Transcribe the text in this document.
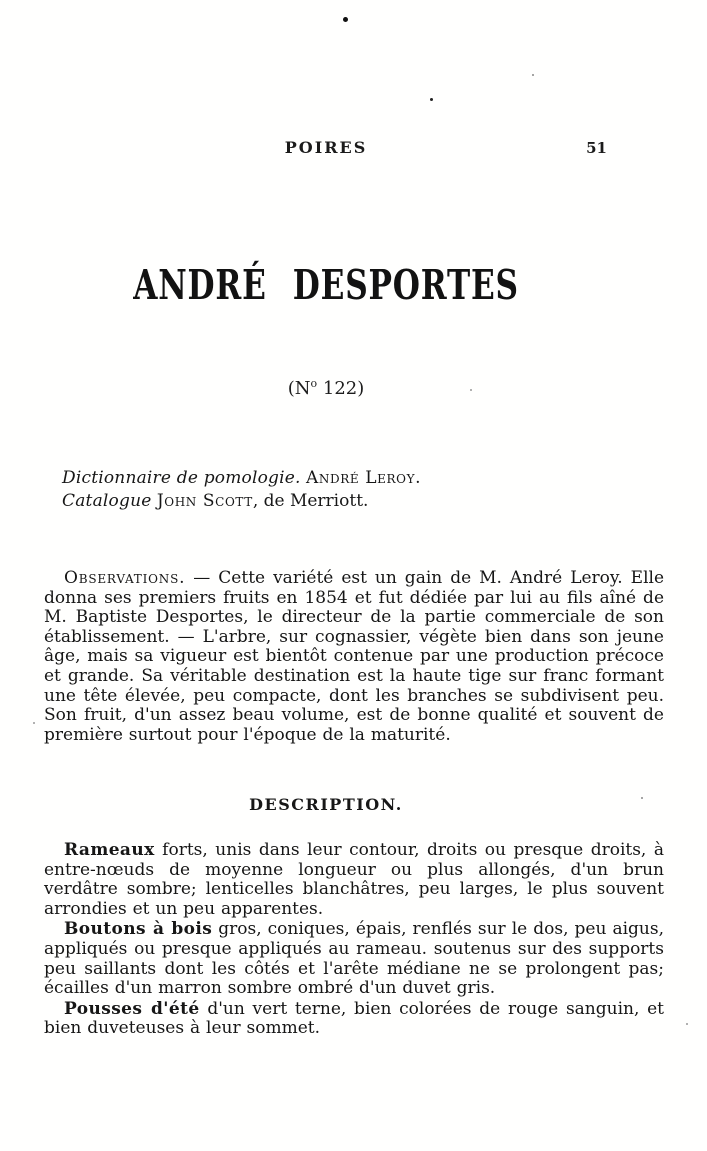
POIRES	51
ANDRÉ DESPORTES
($N^o$ 122)

Dictionnaire de pomologie. André Leroy.

Catalogue John Scott, de Merriott.

Observations. — Cette variété est un gain de M. André Leroy. Elle donna ses premiers fruits en 1854 et fut dédiée par lui au fils aîné de M. Baptiste Desportes, le directeur de la partie commerciale de son établissement. — L'arbre, sur cognassier, végète bien dans son jeune âge, mais sa vigueur est bientôt contenue par une production précoce et grande. Sa véritable destination est la haute tige sur franc formant une tête élevée, peu compacte, dont les branches se subdivisent peu. Son fruit, d'un assez beau volume, est de bonne qualité et souvent de première surtout pour l'époque de la maturité.

DESCRIPTION.

Rameaux forts, unis dans leur contour, droits ou presque droits, à entre-nœuds de moyenne longueur ou plus allongés, d'un brun verdâtre sombre; lenticelles blanchâtres, peu larges, le plus souvent arrondies et un peu apparentes.

Boutons à bois gros, coniques, épais, renflés sur le dos, peu aigus, appliqués ou presque appliqués au rameau. soutenus sur des supports peu saillants dont les côtés et l'arête médiane ne se prolongent pas; écailles d'un marron sombre ombré d'un duvet gris.

Pousses d'été d'un vert terne, bien colorées de rouge sanguin, et bien duveteuses à leur sommet.
